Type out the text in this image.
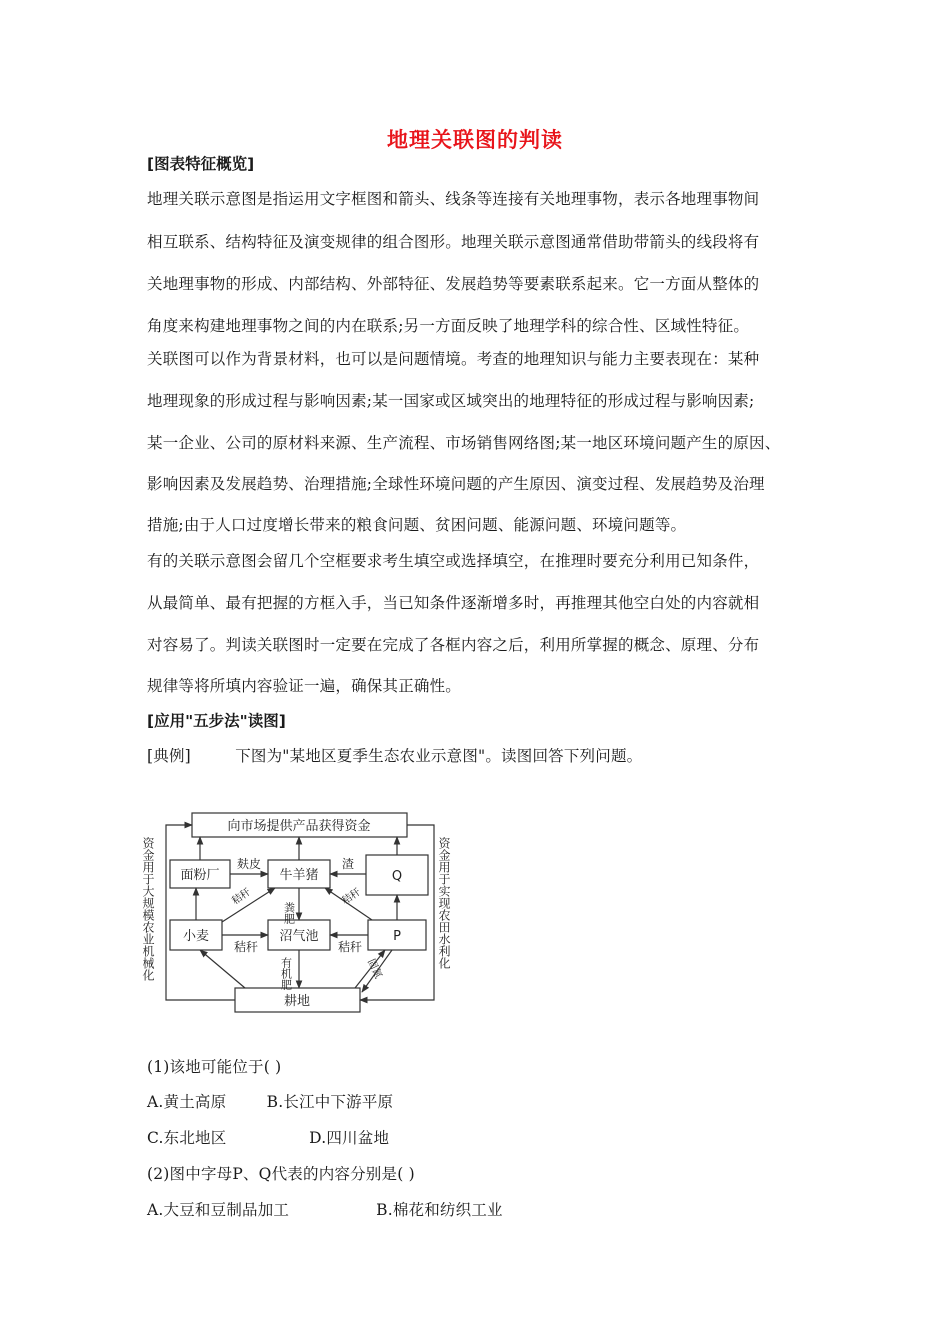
地理关联图的判读
[图表特征概览]
地理关联示意图是指运用文字框图和箭头、线条等连接有关地理事物，表示各地理事物间
相互联系、结构特征及演变规律的组合图形。地理关联示意图通常借助带箭头的线段将有
关地理事物的形成、内部结构、外部特征、发展趋势等要素联系起来。它一方面从整体的
角度来构建地理事物之间的内在联系;另一方面反映了地理学科的综合性、区域性特征。
关联图可以作为背景材料，也可以是问题情境。考查的地理知识与能力主要表现在：某种
地理现象的形成过程与影响因素;某一国家或区域突出的地理特征的形成过程与影响因素;
某一企业、公司的原材料来源、生产流程、市场销售网络图;某一地区环境问题产生的原因、
影响因素及发展趋势、治理措施;全球性环境问题的产生原因、演变过程、发展趋势及治理
措施;由于人口过度增长带来的粮食问题、贫困问题、能源问题、环境问题等。
有的关联示意图会留几个空框要求考生填空或选择填空，在推理时要充分利用已知条件，
从最简单、最有把握的方框入手，当已知条件逐渐增多时，再推理其他空白处的内容就相
对容易了。判读关联图时一定要在完成了各框内容之后，利用所掌握的概念、原理、分布
规律等将所填内容验证一遍，确保其正确性。
[应用"五步法"读图]
[典例]	下图为"某地区夏季生态农业示意图"。读图回答下列问题。
向市场提供产品获得资金
面粉厂	牛羊猪	Q
小麦	沼气池	P
耕地
麸皮	渣
秸秆	秸秆
粪肥
秸秆	秸秆
有机肥	固氮
资金用于大规模农业机械化	资金用于实现农田水利化
(1)该地可能位于( )
A.黄土高原	B.长江中下游平原
C.东北地区	D.四川盆地
(2)图中字母P、Q代表的内容分别是( )
A.大豆和豆制品加工	B.棉花和纺织工业
